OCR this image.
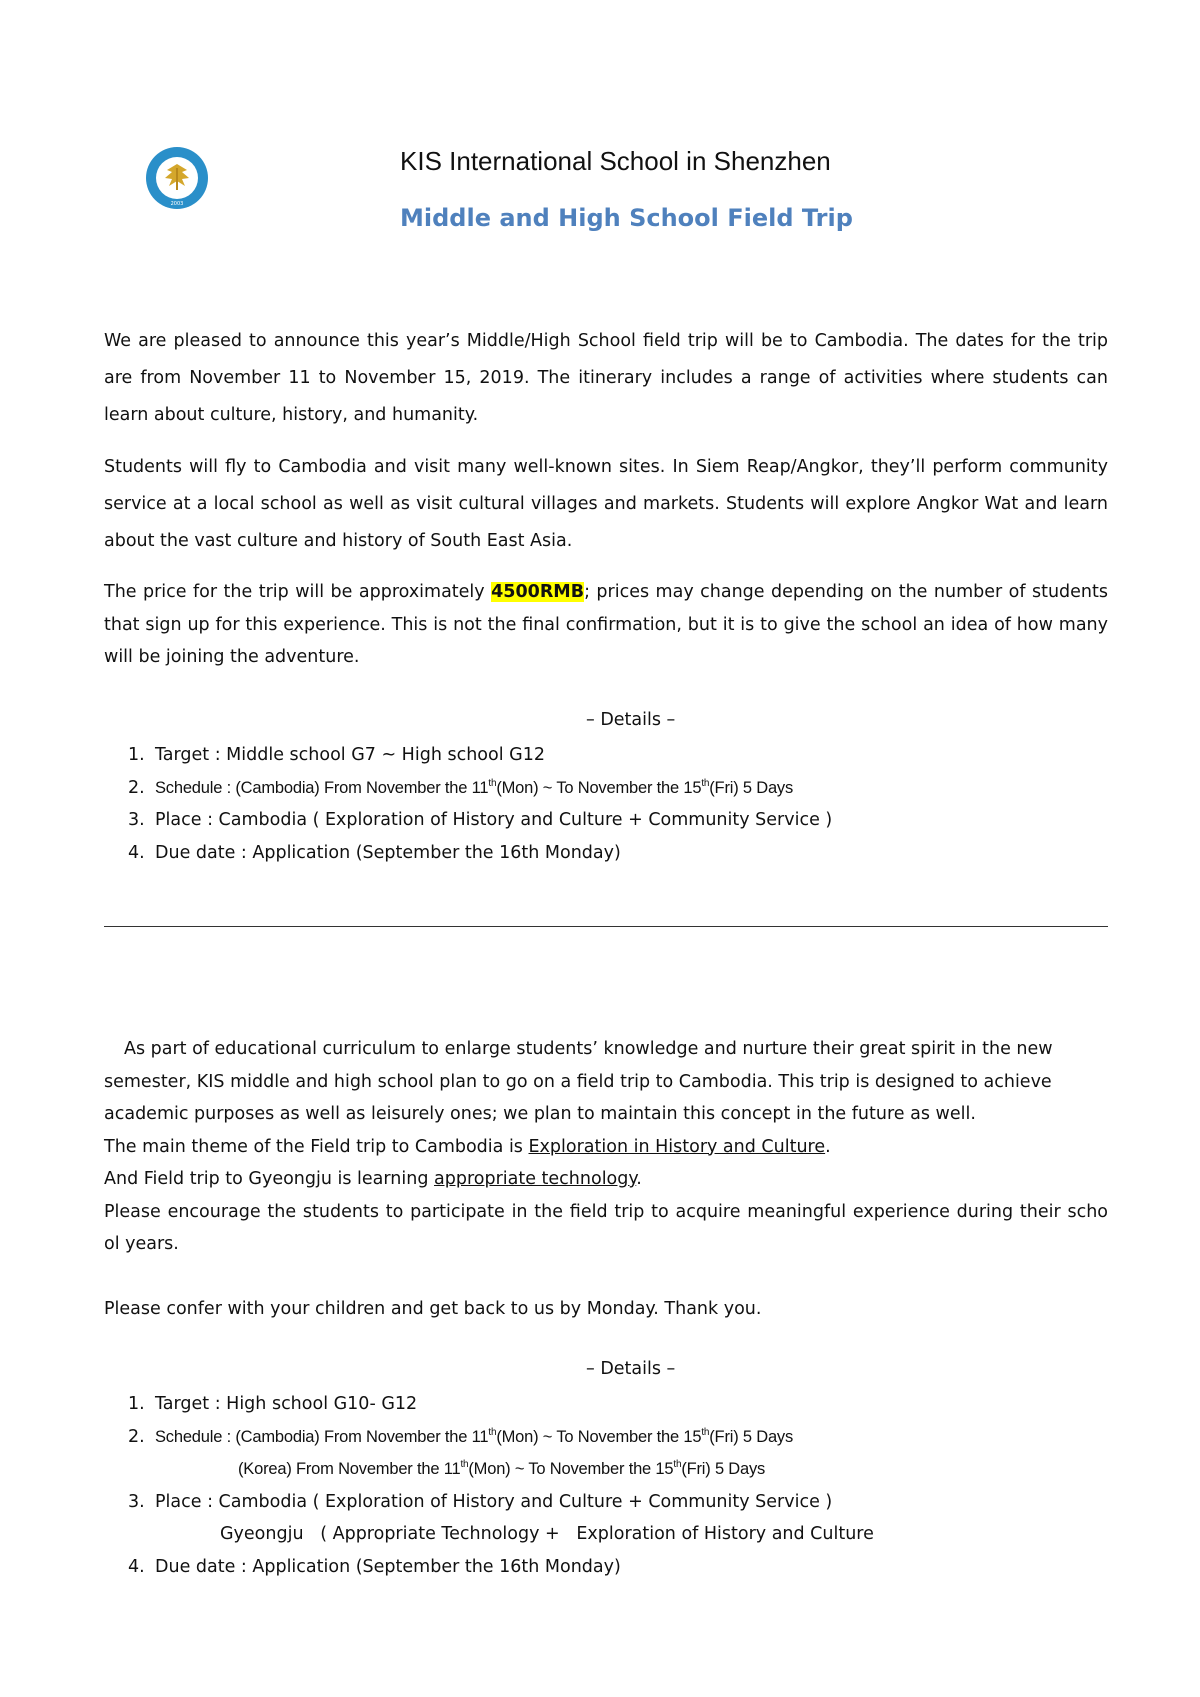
2003
KIS International School in Shenzhen
Middle and High School Field Trip
We are pleased to announce this year’s Middle/High School field trip will be to Cambodia. The dates for the trip are from November 11 to November 15, 2019. The itinerary includes a range of activities where students can learn about culture, history, and humanity.
Students will fly to Cambodia and visit many well-known sites. In Siem Reap/Angkor, they’ll perform community service at a local school as well as visit cultural villages and markets. Students will explore Angkor Wat and learn about the vast culture and history of South East Asia.
The price for the trip will be approximately 4500RMB; prices may change depending on the number of students that sign up for this experience. This is not the final confirmation, but it is to give the school an idea of how many will be joining the adventure.
– Details –
1. Target : Middle school G7 ~ High school G12
2. Schedule : (Cambodia) From November the 11th(Mon) ~ To November the 15th(Fri) 5 Days
3. Place : Cambodia ( Exploration of History and Culture + Community Service )
4. Due date : Application (September the 16th Monday)
As part of educational curriculum to enlarge students’ knowledge and nurture their great spirit in the new
semester, KIS middle and high school plan to go on a field trip to Cambodia. This trip is designed to achieve
academic purposes as well as leisurely ones; we plan to maintain this concept in the future as well.
The main theme of the Field trip to Cambodia is Exploration in History and Culture.
And Field trip to Gyeongju is learning appropriate technology.
Please encourage the students to participate in the field trip to acquire meaningful experience during their scho ol years.
Please confer with your children and get back to us by Monday. Thank you.
– Details –
1. Target : High school G10- G12
2. Schedule : (Cambodia) From November the 11th(Mon) ~ To November the 15th(Fri) 5 Days
(Korea) From November the 11th(Mon) ~ To November the 15th(Fri) 5 Days
3. Place : Cambodia ( Exploration of History and Culture + Community Service )
Gyeongju   ( Appropriate Technology +   Exploration of History and Culture
4. Due date : Application (September the 16th Monday)
